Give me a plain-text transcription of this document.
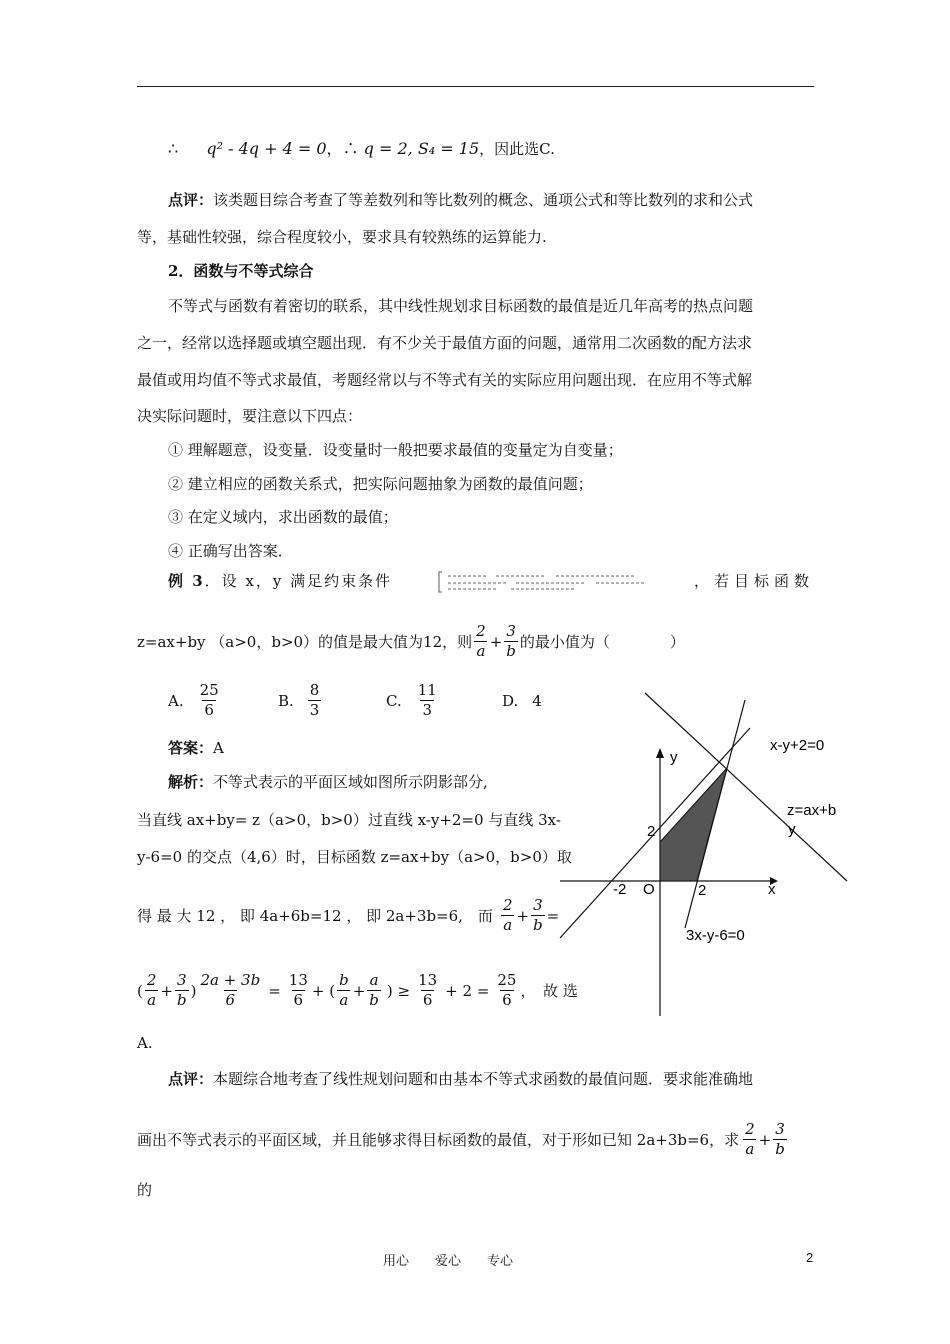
∴ q² - 4q + 4 = 0，∴ q = 2, S₄ = 15，因此选C.
点评：该类题目综合考查了等差数列和等比数列的概念、通项公式和等比数列的求和公式
等，基础性较强，综合程度较小，要求具有较熟练的运算能力.
2．函数与不等式综合
不等式与函数有着密切的联系，其中线性规划求目标函数的最值是近几年高考的热点问题
之一，经常以选择题或填空题出现．有不少关于最值方面的问题，通常用二次函数的配方法求
最值或用均值不等式求最值，考题经常以与不等式有关的实际应用问题出现．在应用不等式解
决实际问题时，要注意以下四点：
① 理解题意，设变量．设变量时一般把要求最值的变量定为自变量；
② 建立相应的函数关系式，把实际问题抽象为函数的最值问题；
③ 在定义域内，求出函数的最值；
④ 正确写出答案．
例 3．设 x，y 满足约束条件	，若目标函数
z=ax+by （a>0，b>0）的值是最大值为12，则 $\frac{2}{a} + \frac{3}{b}$ 的最小值为（　　　　）
A. $\frac{25}{6}$	B. $\frac{8}{3}$	C. $\frac{11}{3}$	D. 4
答案：A
解析：不等式表示的平面区域如图所示阴影部分,
当直线 ax+by= z（a>0，b>0）过直线 x-y+2=0 与直线 3x-
y-6=0 的交点（4,6）时，目标函数 z=ax+by（a>0，b>0）取
得 最 大 12 ， 即 4a+6b=12 ， 即 2a+3b=6,　而 $\frac{2}{a} + \frac{3}{b}$ =
( $\frac{2}{a} + \frac{3}{b}$ ) $\frac{2a + 3b}{6} = \frac{13}{6}$ + ( $\frac{b}{a} + \frac{a}{b}$ ) ≥ $\frac{13}{6} + 2 = \frac{25}{6}$ ，　故 选
A.
y
x
O
2
-2	2
x-y+2=0
z=ax+b
y
3x-y-6=0
点评：本题综合地考查了线性规划问题和由基本不等式求函数的最值问题．要求能准确地
画出不等式表示的平面区域，并且能够求得目标函数的最值，对于形如已知 2a+3b=6，求 $\frac{2}{a} + \frac{3}{b}$
的
用心　　爱心　　专心	2
